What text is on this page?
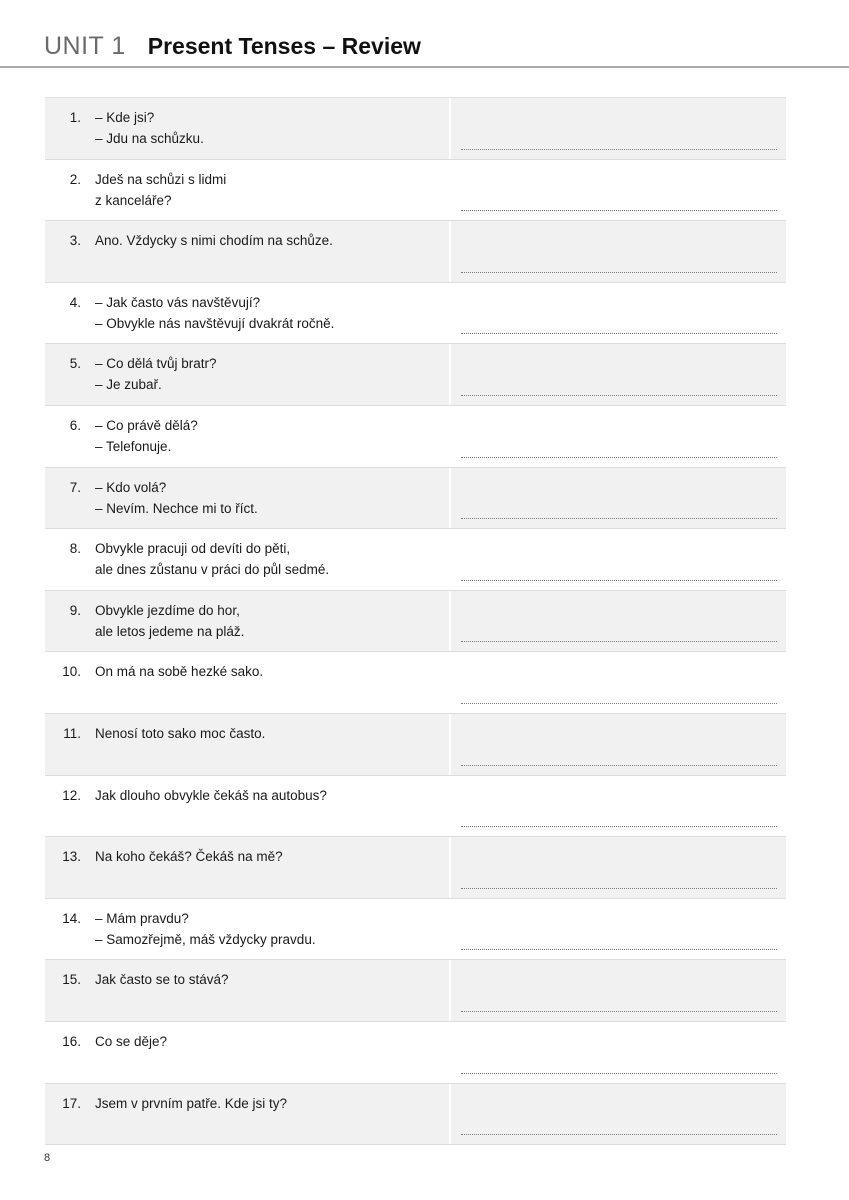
UNIT 1 Present Tenses – Review
1. – Kde jsi?
– Jdu na schůzku.
2. Jdeš na schůzi s lidmi
z kanceláře?
3. Ano. Vždycky s nimi chodím na schůze.
4. – Jak často vás navštěvují?
– Obvykle nás navštěvují dvakrát ročně.
5. – Co dělá tvůj bratr?
– Je zubař.
6. – Co právě dělá?
– Telefonuje.
7. – Kdo volá?
– Nevím. Nechce mi to říct.
8. Obvykle pracuji od devíti do pěti,
ale dnes zůstanu v práci do půl sedmé.
9. Obvykle jezdíme do hor,
ale letos jedeme na pláž.
10. On má na sobě hezké sako.
11. Nenosí toto sako moc často.
12. Jak dlouho obvykle čekáš na autobus?
13. Na koho čekáš? Čekáš na mě?
14. – Mám pravdu?
– Samozřejmě, máš vždycky pravdu.
15. Jak často se to stává?
16. Co se děje?
17. Jsem v prvním patře. Kde jsi ty?
8
